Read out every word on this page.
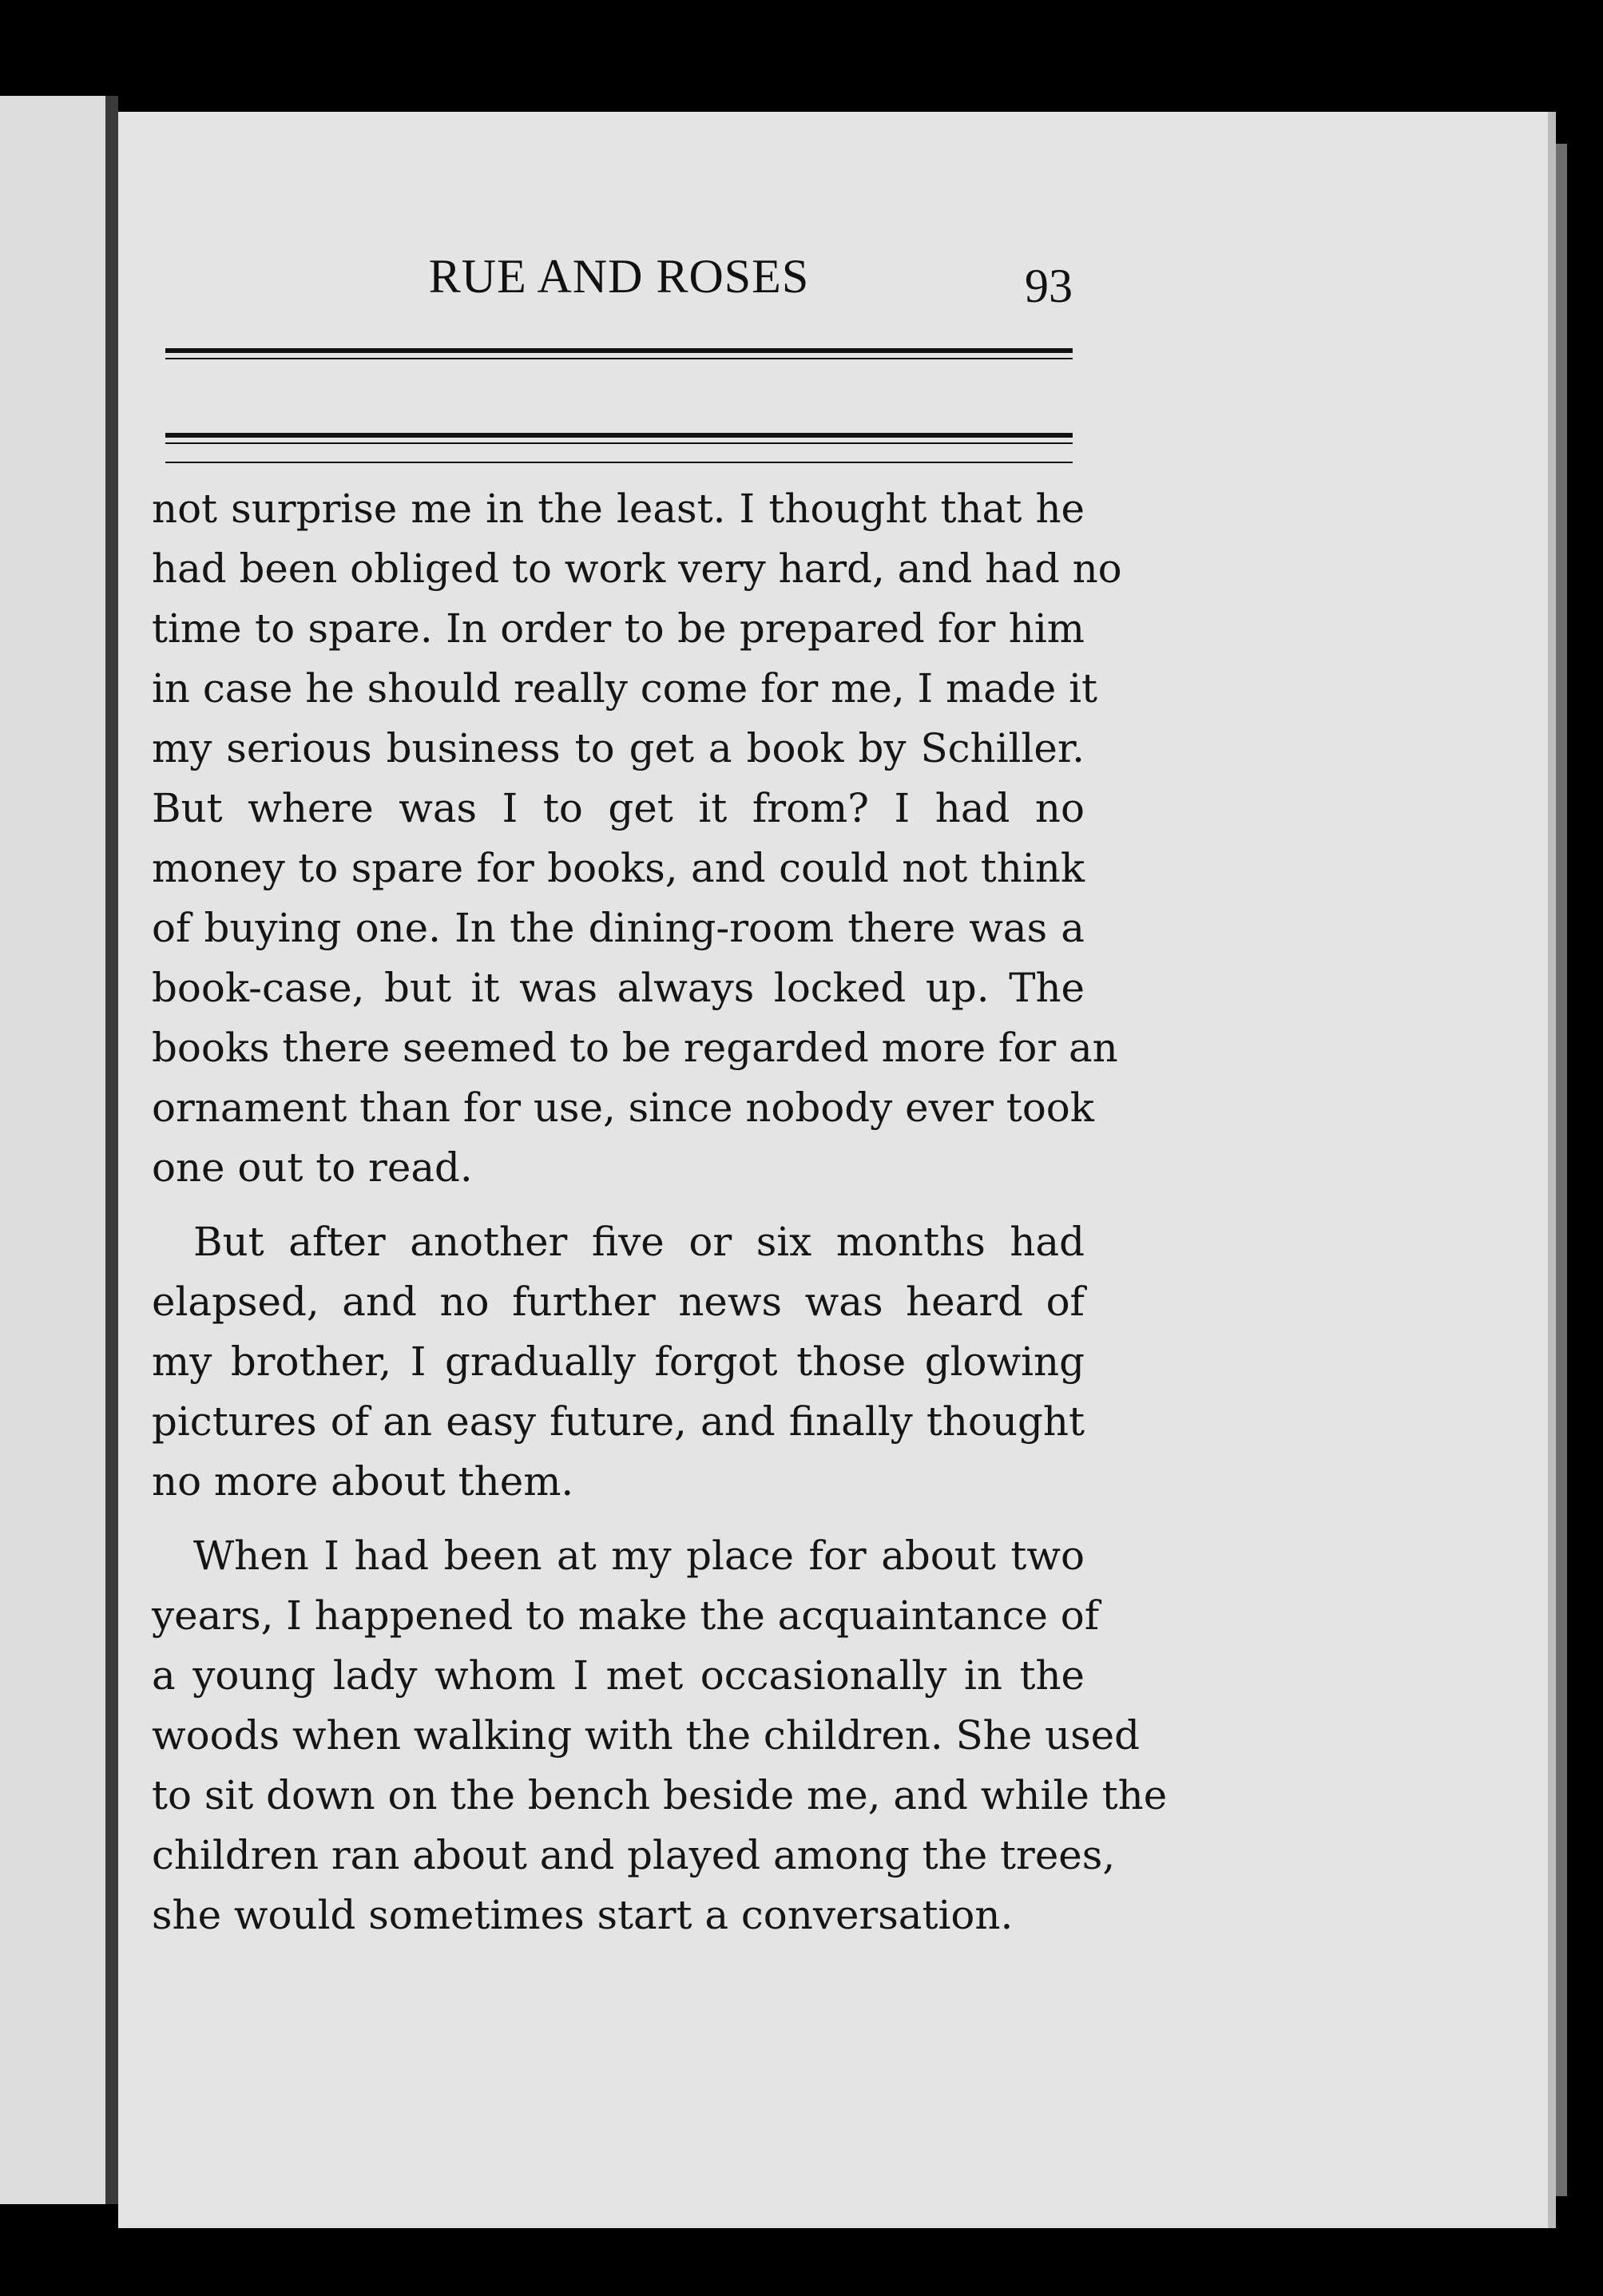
RUE AND ROSES	93
not surprise me in the least. I thought that he
had been obliged to work very hard, and had no
time to spare. In order to be prepared for him
in case he should really come for me, I made it
my serious business to get a book by Schiller.
But where was I to get it from? I had no
money to spare for books, and could not think
of buying one. In the dining-room there was a
book-case, but it was always locked up. The
books there seemed to be regarded more for an
ornament than for use, since nobody ever took
one out to read.
But after another five or six months had
elapsed, and no further news was heard of
my brother, I gradually forgot those glowing
pictures of an easy future, and finally thought
no more about them.
When I had been at my place for about two
years, I happened to make the acquaintance of
a young lady whom I met occasionally in the
woods when walking with the children. She used
to sit down on the bench beside me, and while the
children ran about and played among the trees,
she would sometimes start a conversation.
